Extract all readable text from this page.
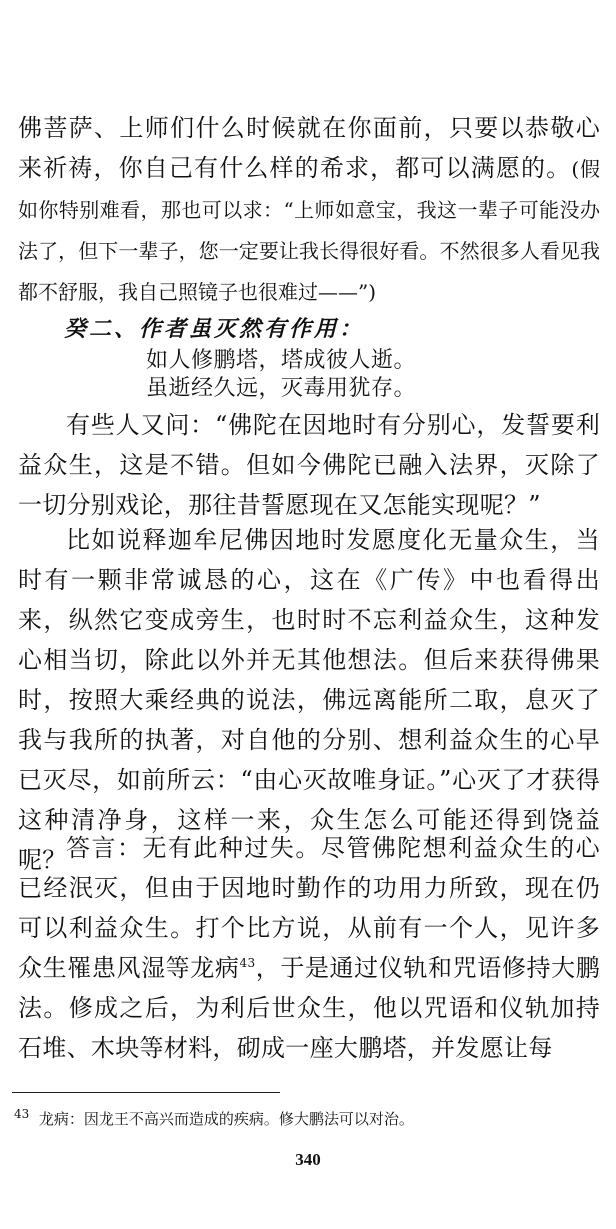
佛菩萨、上师们什么时候就在你面前，只要以恭敬心来祈祷，你自己有什么样的希求，都可以满愿的。(假如你特别难看，那也可以求：“上师如意宝，我这一辈子可能没办法了，但下一辈子，您一定要让我长得很好看。不然很多人看见我都不舒服，我自己照镜子也很难过——”)

癸二、作者虽灭然有作用：

如人修鹏塔，塔成彼人逝。

虽逝经久远，灭毒用犹存。

有些人又问：“佛陀在因地时有分别心，发誓要利益众生，这是不错。但如今佛陀已融入法界，灭除了一切分别戏论，那往昔誓愿现在又怎能实现呢？”

比如说释迦牟尼佛因地时发愿度化无量众生，当时有一颗非常诚恳的心，这在《广传》中也看得出来，纵然它变成旁生，也时时不忘利益众生，这种发心相当切，除此以外并无其他想法。但后来获得佛果时，按照大乘经典的说法，佛远离能所二取，息灭了我与我所的执著，对自他的分别、想利益众生的心早已灭尽，如前所云：“由心灭故唯身证。”心灭了才获得这种清净身，这样一来，众生怎么可能还得到饶益呢？ 答言：无有此种过失。尽管佛陀想利益众生的心已经泯灭，但由于因地时勤作的功用力所致，现在仍可以利益众生。打个比方说，从前有一个人，见许多众生罹患风湿等龙病$^{43}$，于是通过仪轨和咒语修持大鹏法。修成之后，为利后世众生，他以咒语和仪轨加持石堆、木块等材料，砌成一座大鹏塔，并发愿让每

$^{43}$ 龙病：因龙王不高兴而造成的疾病。修大鹏法可以对治。

340
